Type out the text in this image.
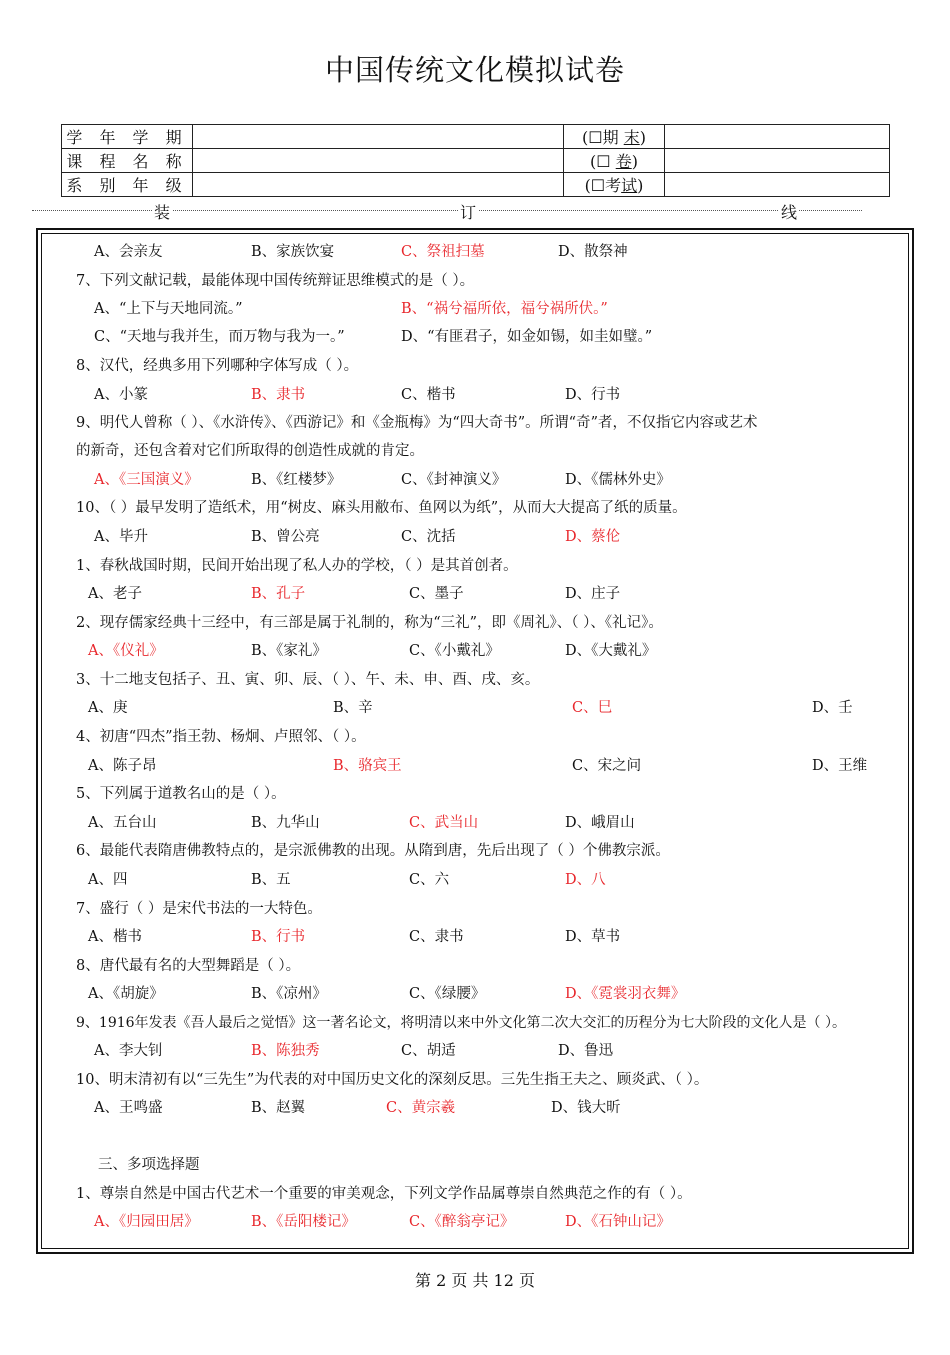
中国传统文化模拟试卷
学 年 学 期		(☐期 末)	
课 程 名 称		(☐ 卷)	
系 别 年 级		(☐考试)	
装	订	线
A、会亲友	B、家族饮宴	C、祭祖扫墓	D、散祭神
7、下列文献记载，最能体现中国传统辩证思维模式的是（ ）。
A、“上下与天地同流。”	B、“祸兮福所依，福兮祸所伏。”
C、“天地与我并生，而万物与我为一。”	D、“有匪君子，如金如锡，如圭如璧。”
8、汉代，经典多用下列哪种字体写成（ ）。
A、小篆	B、隶书	C、楷书	D、行书
9、明代人曾称（ ）、《水浒传》、《西游记》和《金瓶梅》为“四大奇书”。所谓“奇”者，不仅指它内容或艺术
的新奇，还包含着对它们所取得的创造性成就的肯定。
A、《三国演义》	B、《红楼梦》	C、《封神演义》	D、《儒林外史》
10、（ ）最早发明了造纸术，用“树皮、麻头用敝布、鱼网以为纸”，从而大大提高了纸的质量。
A、毕升	B、曾公亮	C、沈括	D、蔡伦
1、春秋战国时期，民间开始出现了私人办的学校，（ ）是其首创者。
A、老子	B、孔子	C、墨子	D、庄子
2、现存儒家经典十三经中，有三部是属于礼制的，称为“三礼”，即《周礼》、（ ）、《礼记》。
A、《仪礼》	B、《家礼》	C、《小戴礼》	D、《大戴礼》
3、十二地支包括子、丑、寅、卯、辰、（ ）、午、未、申、酉、戌、亥。
A、庚	B、辛	C、巳	D、壬
4、初唐“四杰”指王勃、杨炯、卢照邻、（ ）。
A、陈子昂	B、骆宾王	C、宋之问	D、王维
5、下列属于道教名山的是（ ）。
A、五台山	B、九华山	C、武当山	D、峨眉山
6、最能代表隋唐佛教特点的，是宗派佛教的出现。从隋到唐，先后出现了（ ）个佛教宗派。
A、四	B、五	C、六	D、八
7、盛行（ ）是宋代书法的一大特色。
A、楷书	B、行书	C、隶书	D、草书
8、唐代最有名的大型舞蹈是（ ）。
A、《胡旋》	B、《凉州》	C、《绿腰》	D、《霓裳羽衣舞》
9、1916年发表《吾人最后之觉悟》这一著名论文，将明清以来中外文化第二次大交汇的历程分为七大阶段的文化人是（ ）。
A、李大钊	B、陈独秀	C、胡适	D、鲁迅
10、明末清初有以“三先生”为代表的对中国历史文化的深刻反思。三先生指王夫之、顾炎武、（ ）。
A、王鸣盛	B、赵翼	C、黄宗羲	D、钱大昕
三、多项选择题
1、尊崇自然是中国古代艺术一个重要的审美观念，下列文学作品属尊崇自然典范之作的有（ ）。
A、《归园田居》	B、《岳阳楼记》	C、《醉翁亭记》	D、《石钟山记》
第 2 页 共 12 页
